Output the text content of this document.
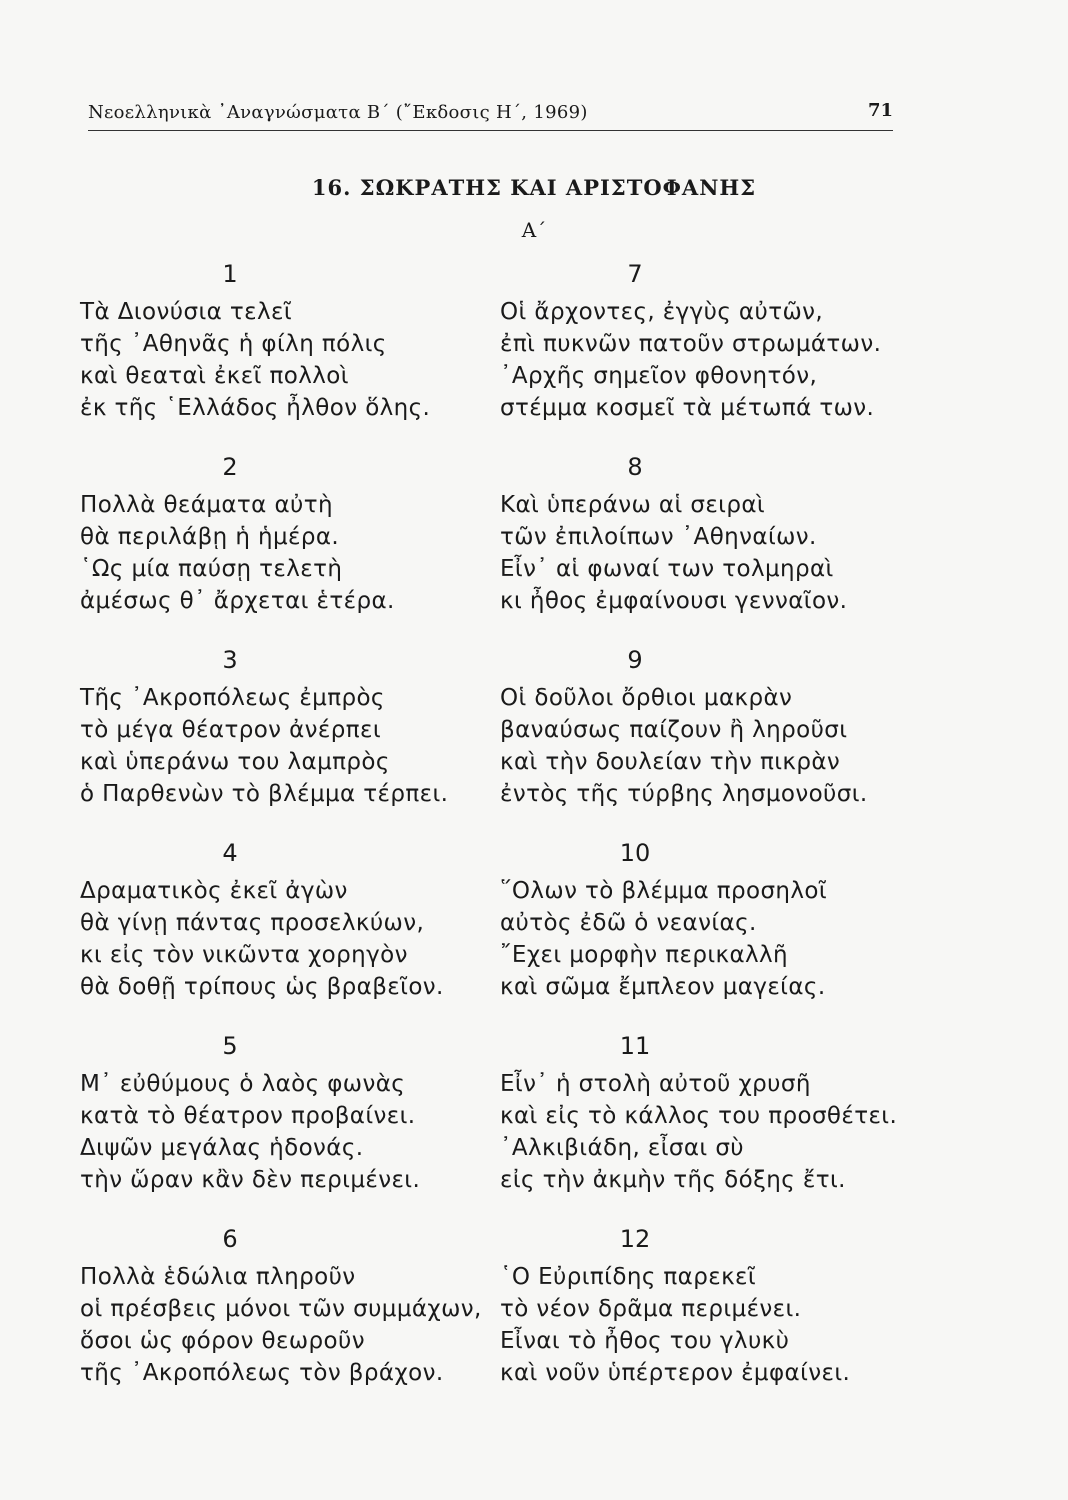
Νεοελληνικὰ ᾿Αναγνώσματα Β΄ (῎Εκδοσις Η΄, 1969)	71
16. ΣΩΚΡΑΤΗΣ ΚΑΙ ΑΡΙΣΤΟΦΑΝΗΣ
Α΄
1
Τὰ Διονύσια τελεῖ
τῆς ᾿Αθηνᾶς ἡ φίλη πόλις
καὶ θεαταὶ ἐκεῖ πολλοὶ
ἐκ τῆς ῾Ελλάδος ἦλθον ὅλης.
2
Πολλὰ θεάματα αὐτὴ
θὰ περιλάβῃ ἡ ἡμέρα.
῾Ως μία παύσῃ τελετὴ
ἀμέσως θ᾿ ἄρχεται ἑτέρα.
3
Τῆς ᾿Ακροπόλεως ἐμπρὸς
τὸ μέγα θέατρον ἀνέρπει
καὶ ὑπεράνω του λαμπρὸς
ὁ Παρθενὼν τὸ βλέμμα τέρπει.
4
Δραματικὸς ἐκεῖ ἀγὼν
θὰ γίνῃ πάντας προσελκύων,
κι εἰς τὸν νικῶντα χορηγὸν
θὰ δοθῇ τρίπους ὡς βραβεῖον.
5
Μ᾿ εὐθύμους ὁ λαὸς φωνὰς
κατὰ τὸ θέατρον προβαίνει.
Διψῶν μεγάλας ἡδονάς.
τὴν ὥραν κἂν δὲν περιμένει.
6
Πολλὰ ἑδώλια πληροῦν
οἱ πρέσβεις μόνοι τῶν συμμάχων,
ὅσοι ὡς φόρον θεωροῦν
τῆς ᾿Ακροπόλεως τὸν βράχον.
7
Οἱ ἄρχοντες, ἐγγὺς αὐτῶν,
ἐπὶ πυκνῶν πατοῦν στρωμάτων.
᾿Αρχῆς σημεῖον φθονητόν,
στέμμα κοσμεῖ τὰ μέτωπά των.
8
Καὶ ὑπεράνω αἱ σειραὶ
τῶν ἐπιλοίπων ᾿Αθηναίων.
Εἶν᾿ αἱ φωναί των τολμηραὶ
κι ἦθος ἐμφαίνουσι γενναῖον.
9
Οἱ δοῦλοι ὄρθιοι μακρὰν
βαναύσως παίζουν ἢ ληροῦσι
καὶ τὴν δουλείαν τὴν πικρὰν
ἐντὸς τῆς τύρβης λησμονοῦσι.
10
῞Ολων τὸ βλέμμα προσηλοῖ
αὐτὸς ἐδῶ ὁ νεανίας.
῎Εχει μορφὴν περικαλλῆ
καὶ σῶμα ἔμπλεον μαγείας.
11
Εἶν᾿ ἡ στολὴ αὐτοῦ χρυσῆ
καὶ εἰς τὸ κάλλος του προσθέτει.
᾿Αλκιβιάδη, εἶσαι σὺ
εἰς τὴν ἀκμὴν τῆς δόξης ἔτι.
12
῾Ο Εὐριπίδης παρεκεῖ
τὸ νέον δρᾶμα περιμένει.
Εἶναι τὸ ἦθος του γλυκὺ
καὶ νοῦν ὑπέρτερον ἐμφαίνει.
